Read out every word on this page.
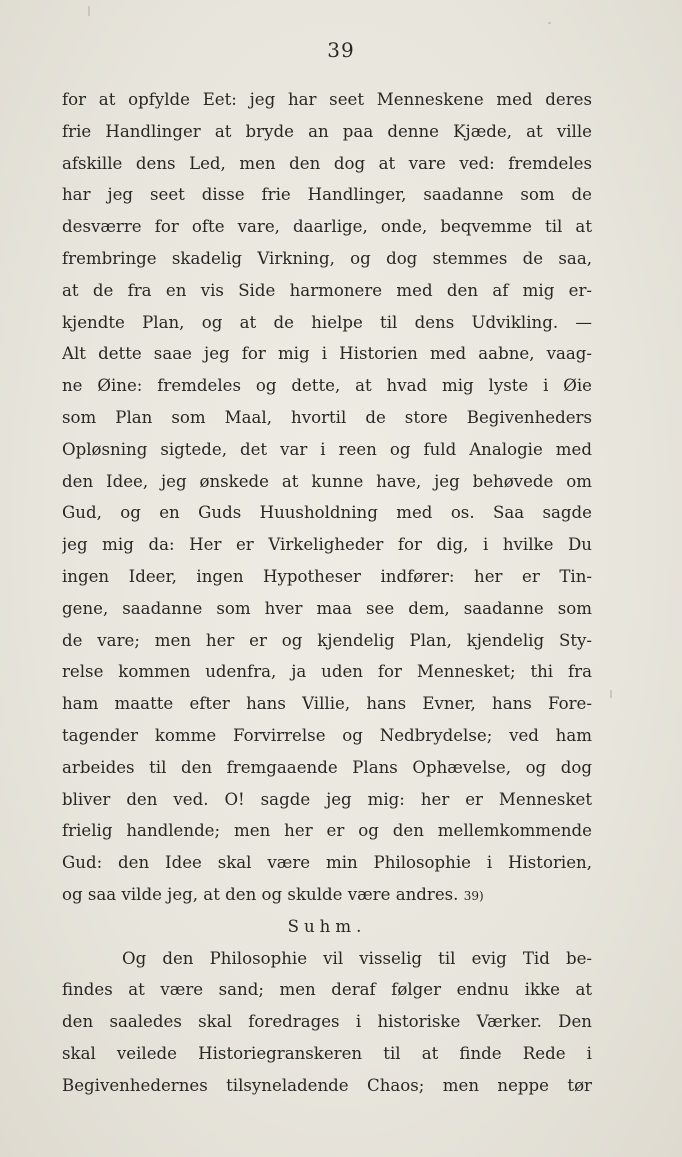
39
for at opfylde Eet: jeg har seet Menneskene med deres
frie Handlinger at bryde an paa denne Kjæde, at ville
afskille dens Led, men den dog at vare ved: fremdeles
har jeg seet disse frie Handlinger, saadanne som de
desværre for ofte vare, daarlige, onde, beqvemme til at
frembringe skadelig Virkning, og dog stemmes de saa,
at de fra en vis Side harmonere med den af mig er-
kjendte Plan, og at de hielpe til dens Udvikling. —
Alt dette saae jeg for mig i Historien med aabne, vaag-
ne Øine: fremdeles og dette, at hvad mig lyste i Øie
som Plan som Maal, hvortil de store Begivenheders
Opløsning sigtede, det var i reen og fuld Analogie med
den Idee, jeg ønskede at kunne have, jeg behøvede om
Gud, og en Guds Huusholdning med os. Saa sagde
jeg mig da: Her er Virkeligheder for dig, i hvilke Du
ingen Ideer, ingen Hypotheser indfører: her er Tin-
gene, saadanne som hver maa see dem, saadanne som
de vare; men her er og kjendelig Plan, kjendelig Sty-
relse kommen udenfra, ja uden for Mennesket; thi fra
ham maatte efter hans Villie, hans Evner, hans Fore-
tagender komme Forvirrelse og Nedbrydelse; ved ham
arbeides til den fremgaaende Plans Ophævelse, og dog
bliver den ved. O! sagde jeg mig: her er Mennesket
frielig handlende; men her er og den mellemkommende
Gud: den Idee skal være min Philosophie i Historien,
og saa vilde jeg, at den og skulde være andres. 39)
Suhm.
Og den Philosophie vil visselig til evig Tid be-
findes at være sand; men deraf følger endnu ikke at
den saaledes skal foredrages i historiske Værker. Den
skal veilede Historiegranskeren til at finde Rede i
Begivenhedernes tilsyneladende Chaos; men neppe tør
